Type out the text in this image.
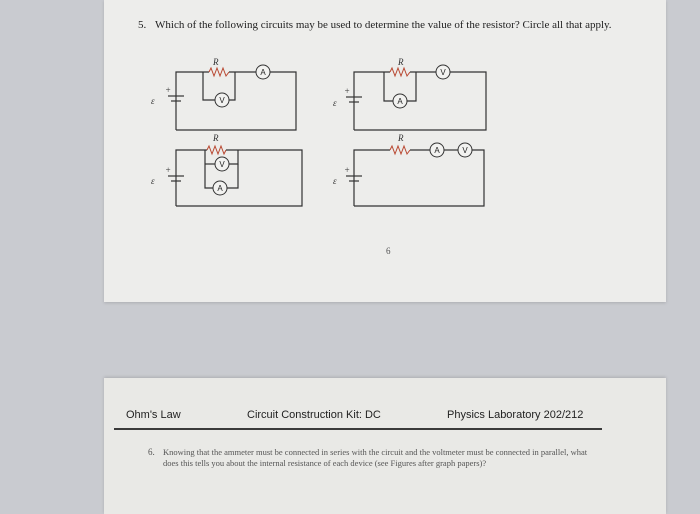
5. Which of the following circuits may be used to determine the value of the resistor? Circle all that apply.
A
V
R
ε
+
V
A
R
ε
+
V
A
R
ε
+
A	V
R
ε
+
6
Ohm's Law	Circuit Construction Kit: DC	Physics Laboratory 202/212
6. Knowing that the ammeter must be connected in series with the circuit and the voltmeter must be connected in parallel, what does this tells you about the internal resistance of each device (see Figures after graph papers)?
